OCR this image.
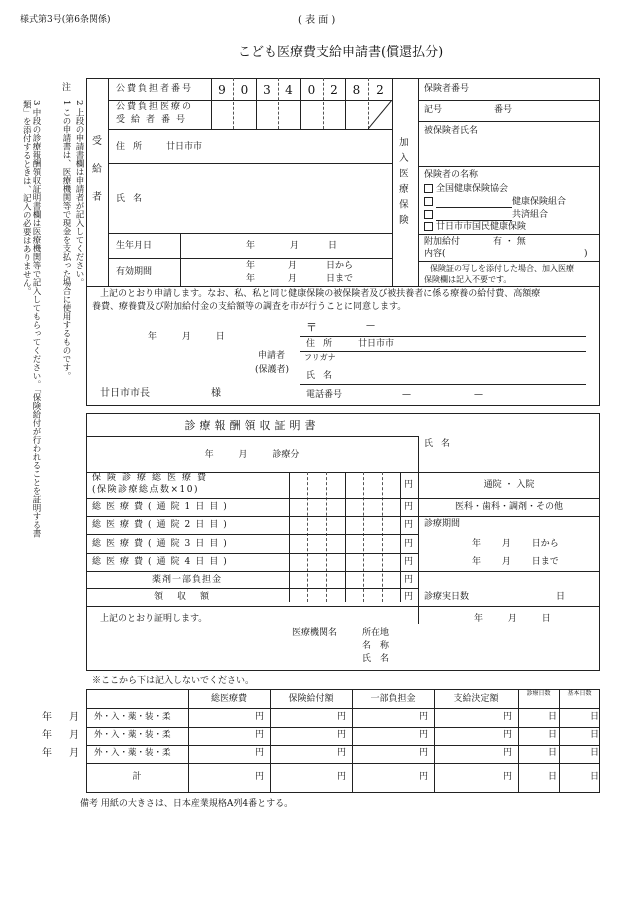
様式第3号(第6条関係)	( 表 面 )
こども医療費支給申請書(償還払分)
注
1 この申請書は、医療機関等で現金を支払った場合に使用するものです。 2 上段の申請書欄は申請者が記入してください。
3 中段の診療報酬領収証明書欄は医療機関等で記入してもらってください。「保険給付が行われることを証明する書類」を添付するときは、記入の必要はありません。	受給者
公費負担者番号	9	0	3	4	0	2	8	2
公費負担医療の
受給者番号
住所 廿日市市
氏名
生年月日	年	月	日
有効期間
年	月	日から
年	月	日まで
加入医療保険
保険者番号
記号	番号
被保険者氏名
保険者の名称
全国健康保険協会
健康保険組合
共済組合
廿日市市国民健康保険
附加給付	有 ・ 無
内容(	)
保険証の写しを添付した場合、加入医療
保険欄は記入不要です。
上記のとおり申請します。なお、私、私と同じ健康保険の被保険者及び被扶養者に係る療養の給付費、高額療
養費、療養費及び附加給付金の支給額等の調査を市が行うことに同意します。
年 月 日
〒	—
住所 廿日市市
申請者
(保護者)
フリガナ
氏名
廿日市市長	様	電話番号	—	—
診療報酬領収証明書
年 月 診療分
氏名
保険診療総医療費
(保険診療総点数×10)	円
総医療費(通院1日目)	円
総医療費(通院2日目)	円
総医療費(通院3日目)	円
総医療費(通院4日目)	円
薬剤一部負担金	円
領収額	円
通院 ・ 入院
医科・歯科・調剤・その他
診療期間
年 月 日から
年 月 日まで
診療実日数	日
上記のとおり証明します。	年 月 日
医療機関名	所在地
名称
氏名
※ここから下は記入しないでください。
総医療費	保険給付額	一部負担金	支給決定額
診療日数	基本日数
年 月 外・入・薬・装・柔	円	円	円	円	日	日
年 月 外・入・薬・装・柔	円	円	円	円	日	日
年 月 外・入・薬・装・柔	円	円	円	円	日	日
計	円	円	円	円	日	日
備考 用紙の大きさは、日本産業規格A列4番とする。
